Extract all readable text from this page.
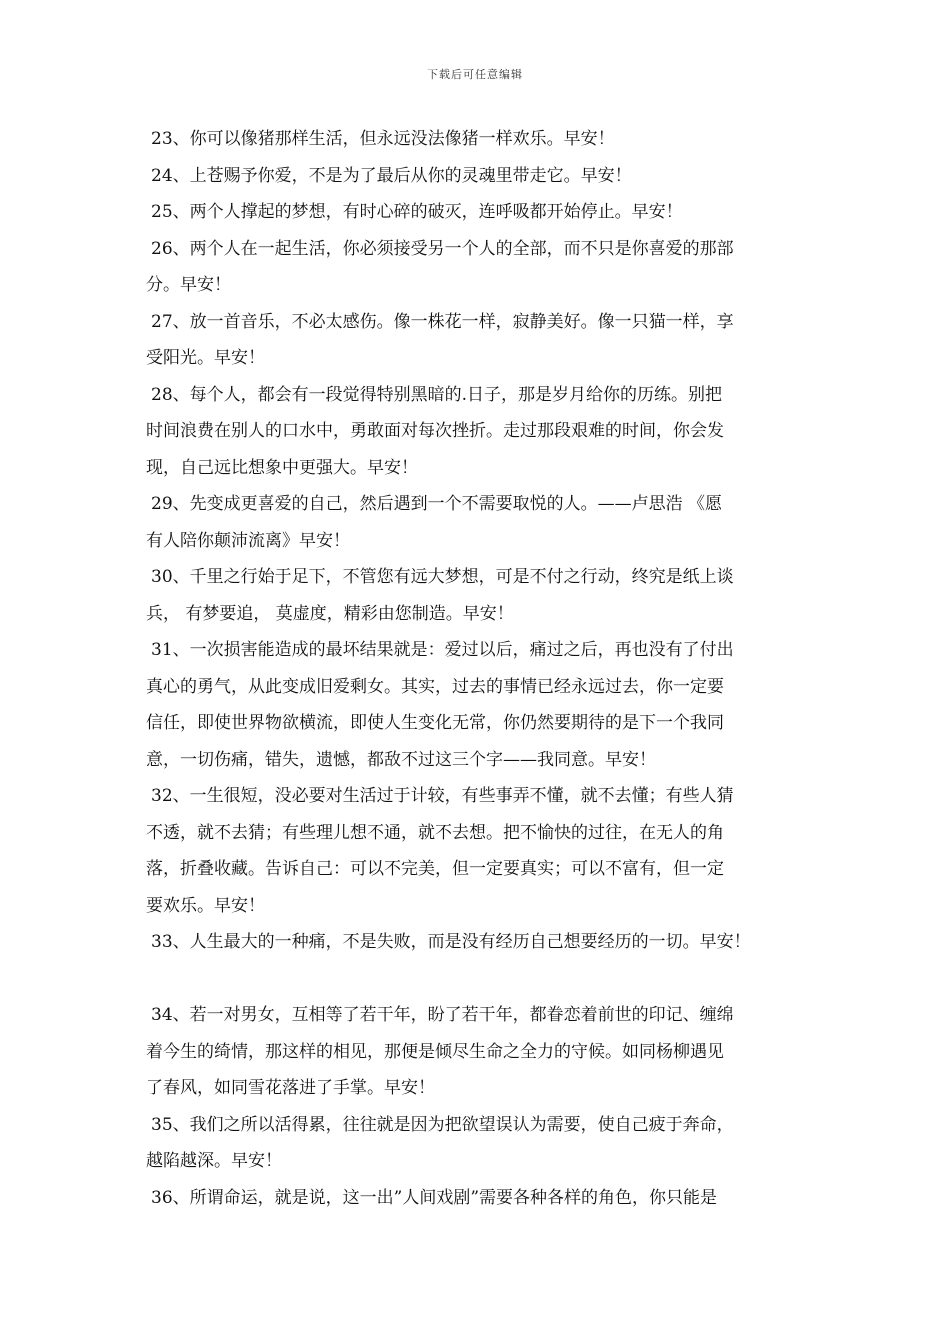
下载后可任意编辑
23、你可以像猪那样生活，但永远没法像猪一样欢乐。早安！
24、上苍赐予你爱，不是为了最后从你的灵魂里带走它。早安！
25、两个人撑起的梦想，有时心碎的破灭，连呼吸都开始停止。早安！
26、两个人在一起生活，你必须接受另一个人的全部，而不只是你喜爱的那部
分。早安！
27、放一首音乐，不必太感伤。像一株花一样，寂静美好。像一只猫一样，享
受阳光。早安！
28、每个人，都会有一段觉得特别黑暗的.日子，那是岁月给你的历练。别把
时间浪费在别人的口水中，勇敢面对每次挫折。走过那段艰难的时间，你会发
现，自己远比想象中更强大。早安！
29、先变成更喜爱的自己，然后遇到一个不需要取悦的人。——卢思浩 《愿
有人陪你颠沛流离》早安！
30、千里之行始于足下，不管您有远大梦想，可是不付之行动，终究是纸上谈
兵， 有梦要追， 莫虚度，精彩由您制造。早安！
31、一次损害能造成的最坏结果就是：爱过以后，痛过之后，再也没有了付出
真心的勇气，从此变成旧爱剩女。其实，过去的事情已经永远过去，你一定要
信任，即使世界物欲横流，即使人生变化无常，你仍然要期待的是下一个我同
意，一切伤痛，错失，遗憾，都敌不过这三个字——我同意。早安！
32、一生很短，没必要对生活过于计较，有些事弄不懂，就不去懂；有些人猜
不透，就不去猜；有些理儿想不通，就不去想。把不愉快的过往，在无人的角
落，折叠收藏。告诉自己：可以不完美，但一定要真实；可以不富有，但一定
要欢乐。早安！
33、人生最大的一种痛，不是失败，而是没有经历自己想要经历的一切。早安！
34、若一对男女，互相等了若干年，盼了若干年，都眷恋着前世的印记、缠绵
着今生的绮情，那这样的相见，那便是倾尽生命之全力的守候。如同杨柳遇见
了春风，如同雪花落进了手掌。早安！
35、我们之所以活得累，往往就是因为把欲望误认为需要，使自己疲于奔命，
越陷越深。早安！
36、所谓命运，就是说，这一出”人间戏剧”需要各种各样的角色，你只能是
